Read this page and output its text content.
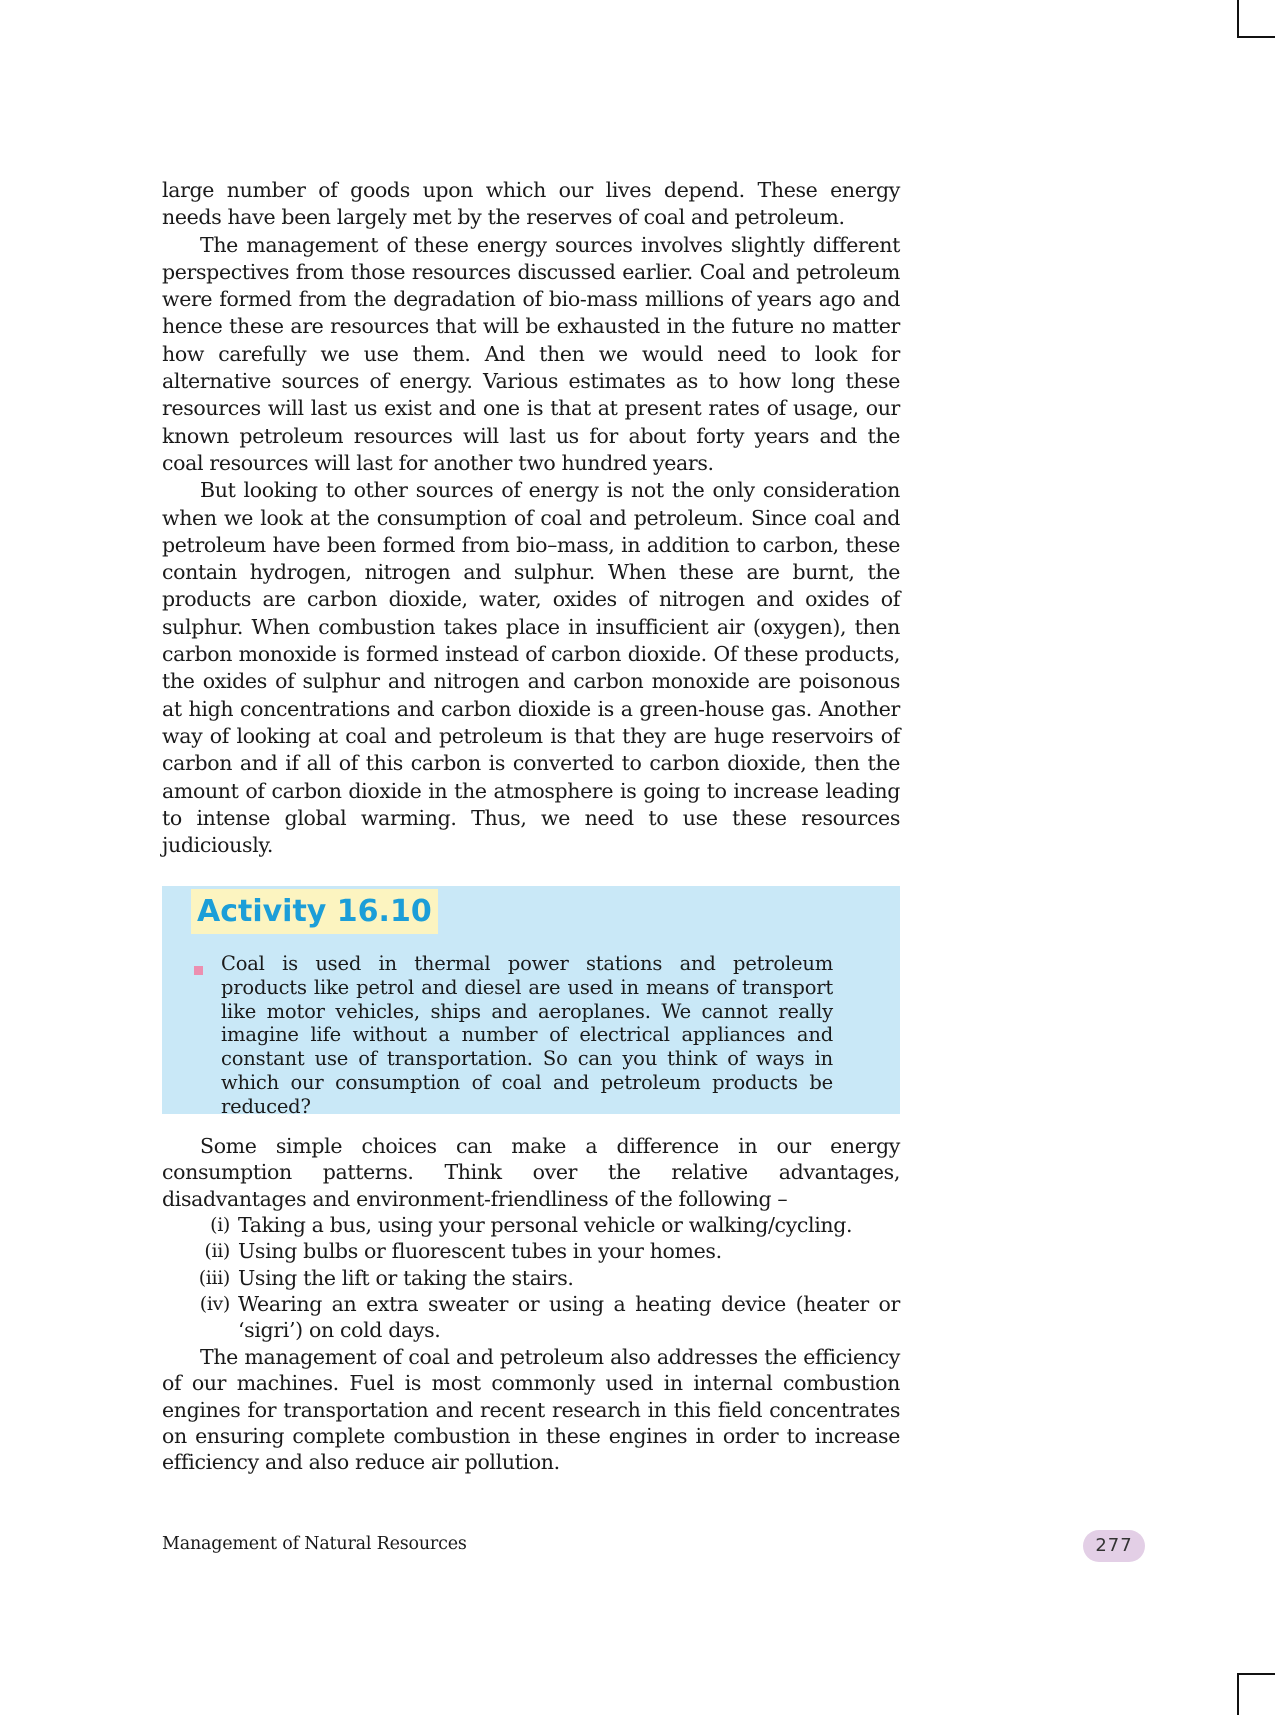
large number of goods upon which our lives depend. These energy needs have been largely met by the reserves of coal and petroleum.

The management of these energy sources involves slightly different perspectives from those resources discussed earlier. Coal and petroleum were formed from the degradation of bio-mass millions of years ago and hence these are resources that will be exhausted in the future no matter how carefully we use them. And then we would need to look for alternative sources of energy. Various estimates as to how long these resources will last us exist and one is that at present rates of usage, our known petroleum resources will last us for about forty years and the coal resources will last for another two hundred years.

But looking to other sources of energy is not the only consideration when we look at the consumption of coal and petroleum. Since coal and petroleum have been formed from bio–mass, in addition to carbon, these contain hydrogen, nitrogen and sulphur. When these are burnt, the products are carbon dioxide, water, oxides of nitrogen and oxides of sulphur. When combustion takes place in insufficient air (oxygen), then carbon monoxide is formed instead of carbon dioxide. Of these products, the oxides of sulphur and nitrogen and carbon monoxide are poisonous at high concentrations and carbon dioxide is a green-house gas. Another way of looking at coal and petroleum is that they are huge reservoirs of carbon and if all of this carbon is converted to carbon dioxide, then the amount of carbon dioxide in the atmosphere is going to increase leading to intense global warming. Thus, we need to use these resources judiciously.

Activity 16.10
Coal is used in thermal power stations and petroleum products like petrol and diesel are used in means of transport like motor vehicles, ships and aeroplanes. We cannot really imagine life without a number of electrical appliances and constant use of transportation. So can you think of ways in which our consumption of coal and petroleum products be reduced?

Some simple choices can make a difference in our energy consumption patterns. Think over the relative advantages, disadvantages and environment-friendliness of the following –

(i) Taking a bus, using your personal vehicle or walking/cycling.
(ii) Using bulbs or fluorescent tubes in your homes.
(iii) Using the lift or taking the stairs.
(iv) Wearing an extra sweater or using a heating device (heater or ‘sigri’) on cold days.

The management of coal and petroleum also addresses the efficiency of our machines. Fuel is most commonly used in internal combustion engines for transportation and recent research in this field concentrates on ensuring complete combustion in these engines in order to increase efficiency and also reduce air pollution.

Management of Natural Resources	277
